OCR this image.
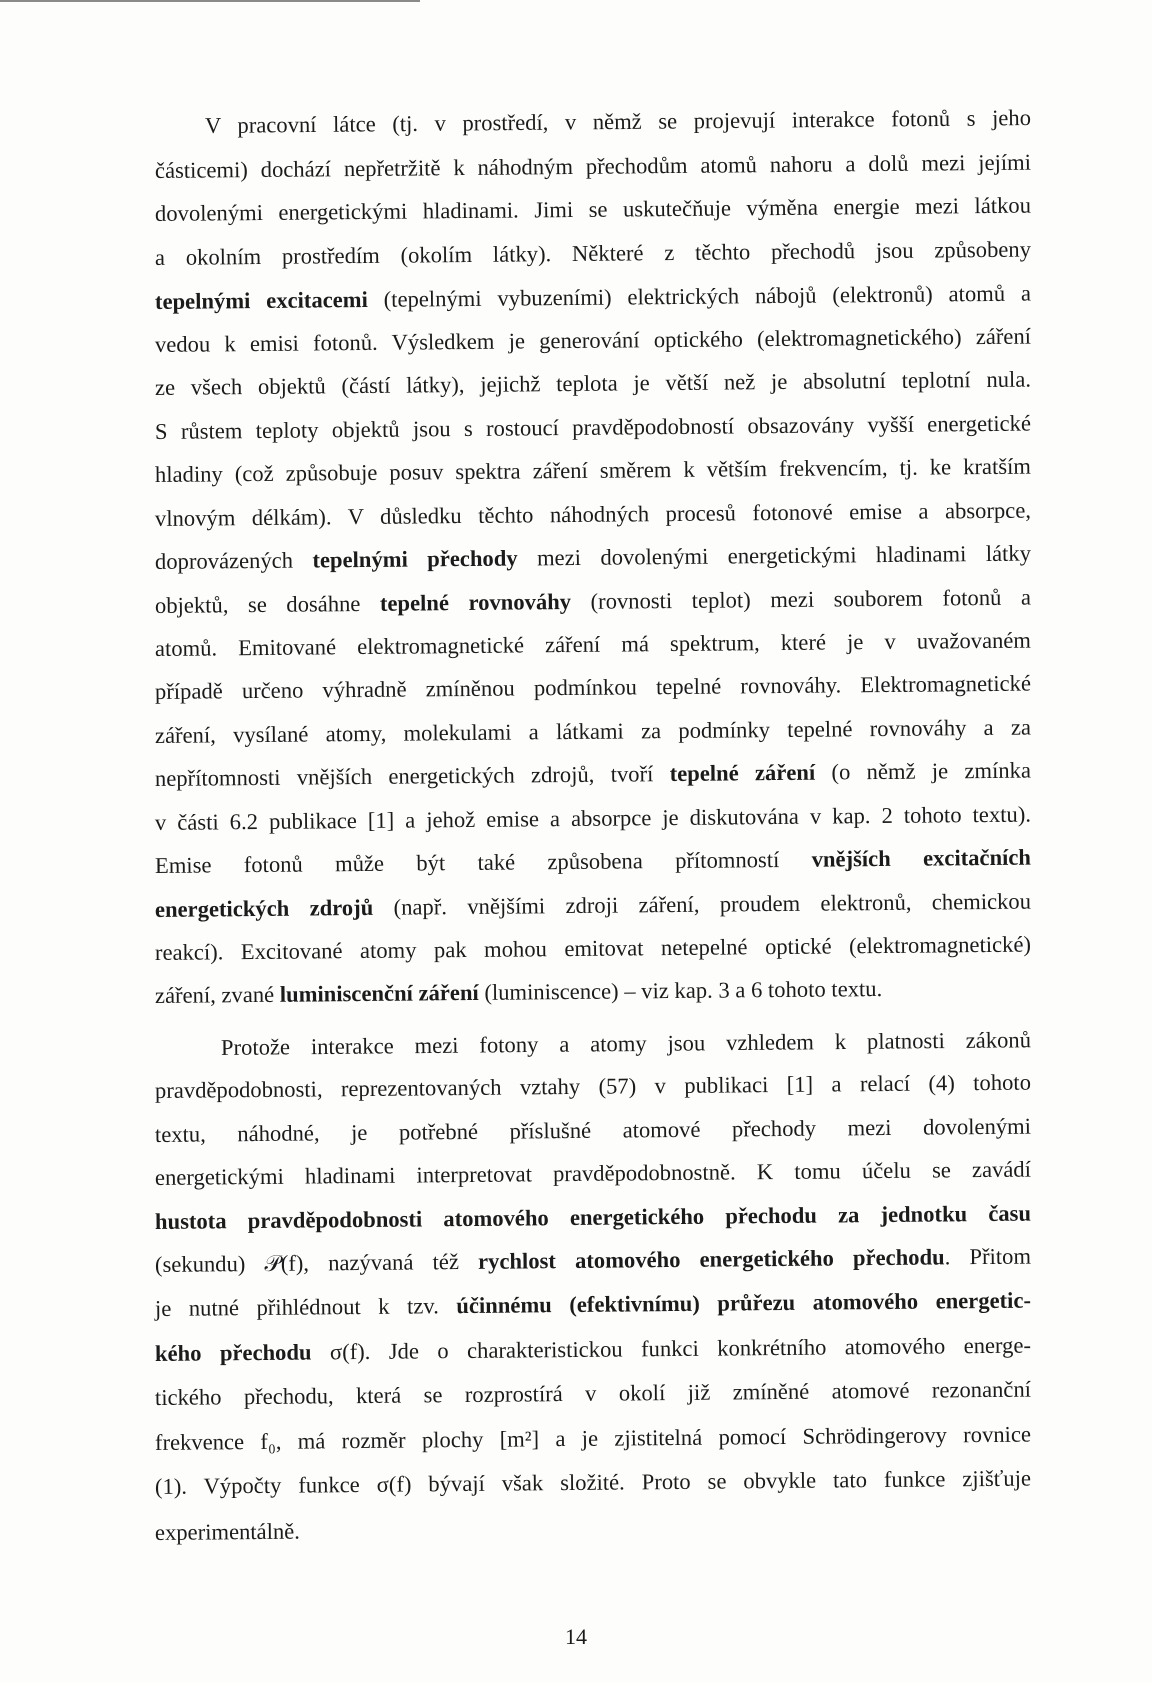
V pracovní látce (tj. v prostředí, v němž se projevují interakce fotonů s jeho
částicemi) dochází nepřetržitě k náhodným přechodům atomů nahoru a dolů mezi jejími
dovolenými energetickými hladinami. Jimi se uskutečňuje výměna energie mezi látkou
a okolním prostředím (okolím látky). Některé z těchto přechodů jsou způsobeny
tepelnými excitacemi (tepelnými vybuzeními) elektrických nábojů (elektronů) atomů a
vedou k emisi fotonů. Výsledkem je generování optického (elektromagnetického) záření
ze všech objektů (částí látky), jejichž teplota je větší než je absolutní teplotní nula.
S růstem teploty objektů jsou s rostoucí pravděpodobností obsazovány vyšší energetické
hladiny (což způsobuje posuv spektra záření směrem k větším frekvencím, tj. ke kratším
vlnovým délkám). V důsledku těchto náhodných procesů fotonové emise a absorpce,
doprovázených tepelnými přechody mezi dovolenými energetickými hladinami látky
objektů, se dosáhne tepelné rovnováhy (rovnosti teplot) mezi souborem fotonů a
atomů. Emitované elektromagnetické záření má spektrum, které je v uvažovaném
případě určeno výhradně zmíněnou podmínkou tepelné rovnováhy. Elektromagnetické
záření, vysílané atomy, molekulami a látkami za podmínky tepelné rovnováhy a za
nepřítomnosti vnějších energetických zdrojů, tvoří tepelné záření (o němž je zmínka
v části 6.2 publikace [1] a jehož emise a absorpce je diskutována v kap. 2 tohoto textu).
Emise fotonů může být také způsobena přítomností vnějších excitačních
energetických zdrojů (např. vnějšími zdroji záření, proudem elektronů, chemickou
reakcí). Excitované atomy pak mohou emitovat netepelné optické (elektromagnetické)
záření, zvané luminiscenční záření (luminiscence) – viz kap. 3 a 6 tohoto textu.
Protože interakce mezi fotony a atomy jsou vzhledem k platnosti zákonů
pravděpodobnosti, reprezentovaných vztahy (57) v publikaci [1] a relací (4) tohoto
textu, náhodné, je potřebné příslušné atomové přechody mezi dovolenými
energetickými hladinami interpretovat pravděpodobnostně. K tomu účelu se zavádí
hustota pravděpodobnosti atomového energetického přechodu za jednotku času
(sekundu) 𝒫(f), nazývaná též rychlost atomového energetického přechodu. Přitom
je nutné přihlédnout k tzv. účinnému (efektivnímu) průřezu atomového energetic-
kého přechodu σ(f). Jde o charakteristickou funkci konkrétního atomového energe-
tického přechodu, která se rozprostírá v okolí již zmíněné atomové rezonanční
frekvence f₀, má rozměr plochy [m²] a je zjistitelná pomocí Schrödingerovy rovnice
(1). Výpočty funkce σ(f) bývají však složité. Proto se obvykle tato funkce zjišťuje
experimentálně.
14
